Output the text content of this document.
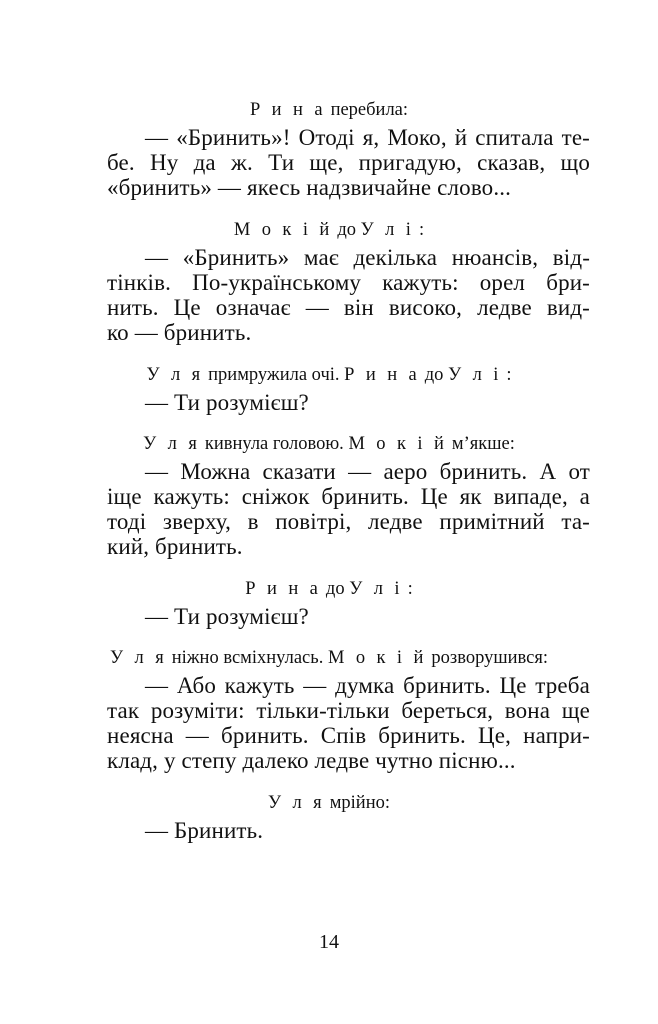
Р и н а перебила:
— «Бринить»! Отоді я, Моко, й спитала те-
бе. Ну да ж. Ти ще, пригадую, сказав, що
«бринить» — якесь надзвичайне слово...
М о к і й до У л і :
— «Бринить» має декілька нюансів, від-
тінків. По-українському кажуть: орел бри-
нить. Це означає — він високо, ледве вид-
ко — бринить.
У л я примружила очі. Р и н а до У л і :
— Ти розумієш?
У л я кивнула головою. М о к і й м’якше:
— Можна сказати — аеро бринить. А от
іще кажуть: сніжок бринить. Це як випаде, а
тоді зверху, в повітрі, ледве примітний та-
кий, бринить.
Р и н а до У л і :
— Ти розумієш?
У л я ніжно всміхнулась. М о к і й розворушився:
— Або кажуть — думка бринить. Це треба
так розуміти: тільки-тільки береться, вона ще
неясна — бринить. Спів бринить. Це, напри-
клад, у степу далеко ледве чутно пісню...
У л я мрійно:
— Бринить.
14
